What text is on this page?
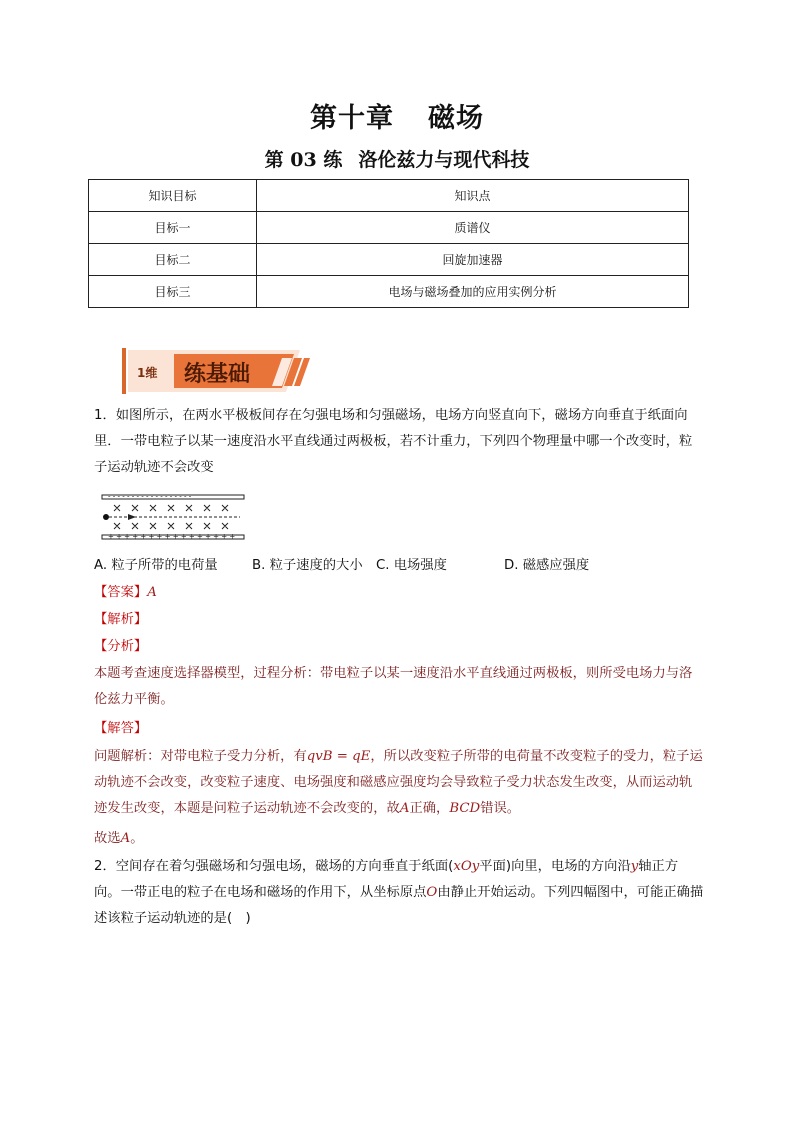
第十章 磁场
第 03 练 洛伦兹力与现代科技
知识目标	知识点
目标一	质谱仪
目标二	回旋加速器
目标三	电场与磁场叠加的应用实例分析
1维 练基础
1．如图所示，在两水平极板间存在匀强电场和匀强磁场，电场方向竖直向下，磁场方向垂直于纸面向里．一带电粒子以某一速度沿水平直线通过两极板，若不计重力，下列四个物理量中哪一个改变时，粒子运动轨迹不会改变
- - - - - - - - - - - - - - - - - -
+ + + + + + + + + + + + + + + +
A. 粒子所带的电荷量	B. 粒子速度的大小 C. 电场强度	D. 磁感应强度
【答案】A
【解析】
【分析】
本题考查速度选择器模型，过程分析：带电粒子以某一速度沿水平直线通过两极板，则所受电场力与洛伦兹力平衡。
【解答】
问题解析：对带电粒子受力分析，有qvB = qE，所以改变粒子所带的电荷量不改变粒子的受力，粒子运动轨迹不会改变，改变粒子速度、电场强度和磁感应强度均会导致粒子受力状态发生改变，从而运动轨迹发生改变，本题是问粒子运动轨迹不会改变的，故A正确，BCD错误。
故选A。
2．空间存在着匀强磁场和匀强电场，磁场的方向垂直于纸面(xOy平面)向里，电场的方向沿y轴正方向。一带正电的粒子在电场和磁场的作用下，从坐标原点O由静止开始运动。下列四幅图中，可能正确描述该粒子运动轨迹的是(　)
